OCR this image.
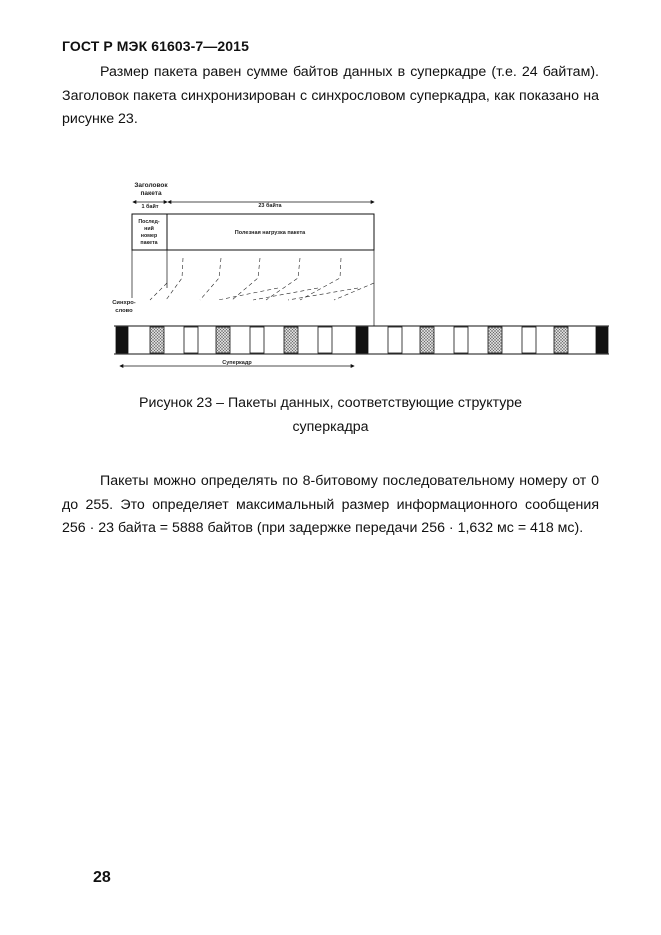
ГОСТ Р МЭК 61603-7—2015

Размер пакета равен сумме байтов данных в суперкадре (т.е. 24 байтам). Заголовок пакета синхронизирован с синхрословом суперкадра, как показано на рисунке 23.

Заголовок
пакета
1 байт	23 байта
Послед-
ний
номер
пакета
Полезная нагрузка пакета
Синхро-
слово
Суперкадр

Рисунок 23 – Пакеты данных, соответствующие структуре
суперкадра

Пакеты можно определять по 8-битовому последовательному номеру от 0 до 255. Это определяет максимальный размер информационного сообщения 256 · 23 байта = 5888 байтов (при задержке передачи 256 · 1,632 мс = 418 мс).

28
